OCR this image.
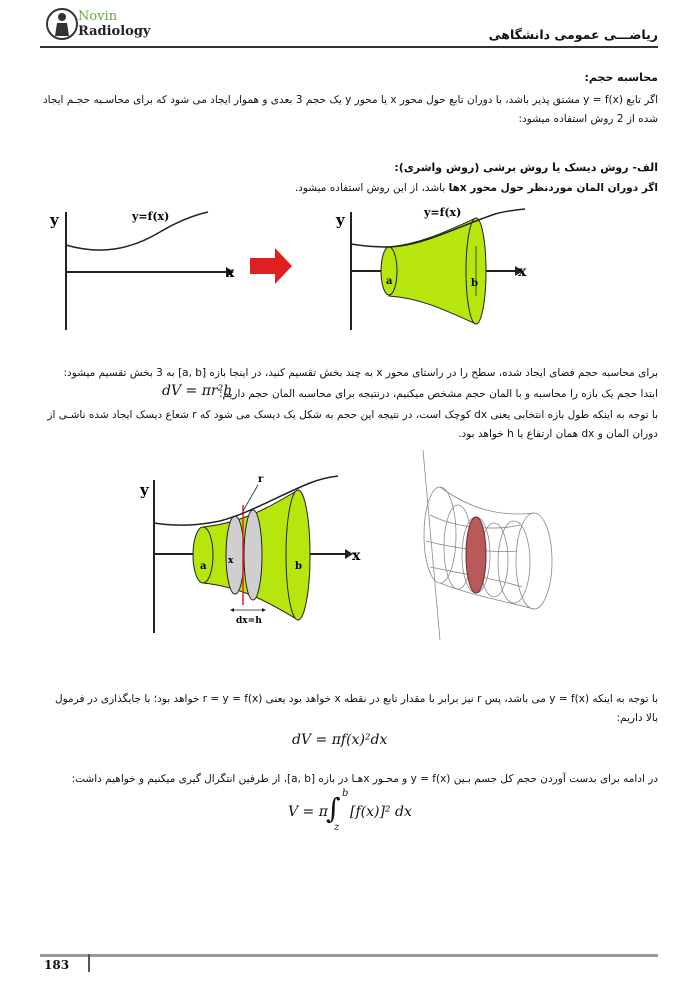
Novin
Radiology	ریاضـــی عمومی دانشگاهی
محاسبه حجم:
اگر تابع y = f(x) مشتق پذیر باشد، با دوران تابع حول محور x یا محور y یک حجم 3 بعدی و هموار ایجاد می شود که برای محاسـبه حجـم ایجاد شده از 2 روش استفاده میشود:
الف- روش دیسک یا روش برشی (روش واشری):
اگر دوران المان موردنظر حول محور xها باشد، از این روش استفاده میشود.
y
x
y=f(x)	y
x
y=f(x)
a	b
برای محاسبه حجم فضای ایجاد شده، سطح را در راستای محور x به چند بخش تقسیم کنید، در اینجا بازه [a, b] به 3 بخش تقسیم میشود:
ابتدا حجم یک بازه را محاسبه و با المان حجم مشخص میکنیم، درنتیجه برای محاسبه المان حجم داریم:
dV = πr²h
با توجه به اینکه طول بازه انتخابی یعنی dx کوچک است، در نتیجه این حجم به شکل یک دیسک می شود که r شعاع دیسک ایجاد شده ناشـی از دوران المان و dx همان ارتفاع یا h خواهد بود.
y
x
r
a	b
x
dx=h
با توجه به اینکه y = f(x) می باشد، پس r نیز برابر با مقدار تابع در نقطه x خواهد بود یعنی r = y = f(x) خواهد بود؛ با جایگذاری در فرمول بالا داریم:
dV = πf(x)²dx
در ادامه برای بدست آوردن حجم کل جسم بـین y = f(x) و محـور xهـا در بازه [a, b]، از طرفین انتگرال گیری میکنیم و خواهیم داشت:
V = π
∫ b
z
[f(x)]² dx
183
